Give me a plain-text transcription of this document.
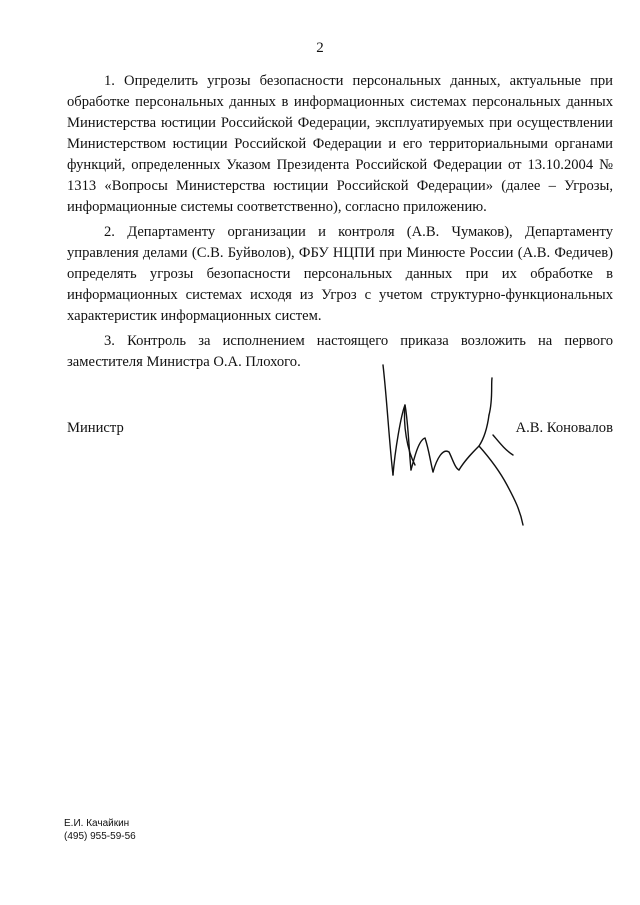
2

1. Определить угрозы безопасности персональных данных, актуальные при обработке персональных данных в информационных системах персональных данных Министерства юстиции Российской Федерации, эксплуатируемых при осуществлении Министерством юстиции Российской Федерации и его территориальными органами функций, определенных Указом Президента Российской Федерации от 13.10.2004 № 1313 «Вопросы Министерства юстиции Российской Федерации» (далее – Угрозы, информационные системы соответственно), согласно приложению.

2. Департаменту организации и контроля (А.В. Чумаков), Департаменту управления делами (С.В. Буйволов), ФБУ НЦПИ при Минюсте России (А.В. Федичев) определять угрозы безопасности персональных данных при их обработке в информационных системах исходя из Угроз с учетом структурно-функциональных характеристик информационных систем.

3. Контроль за исполнением настоящего приказа возложить на первого заместителя Министра О.А. Плохого.

Министр	А.В. Коновалов
Е.И. Качайкин
(495) 955-59-56
